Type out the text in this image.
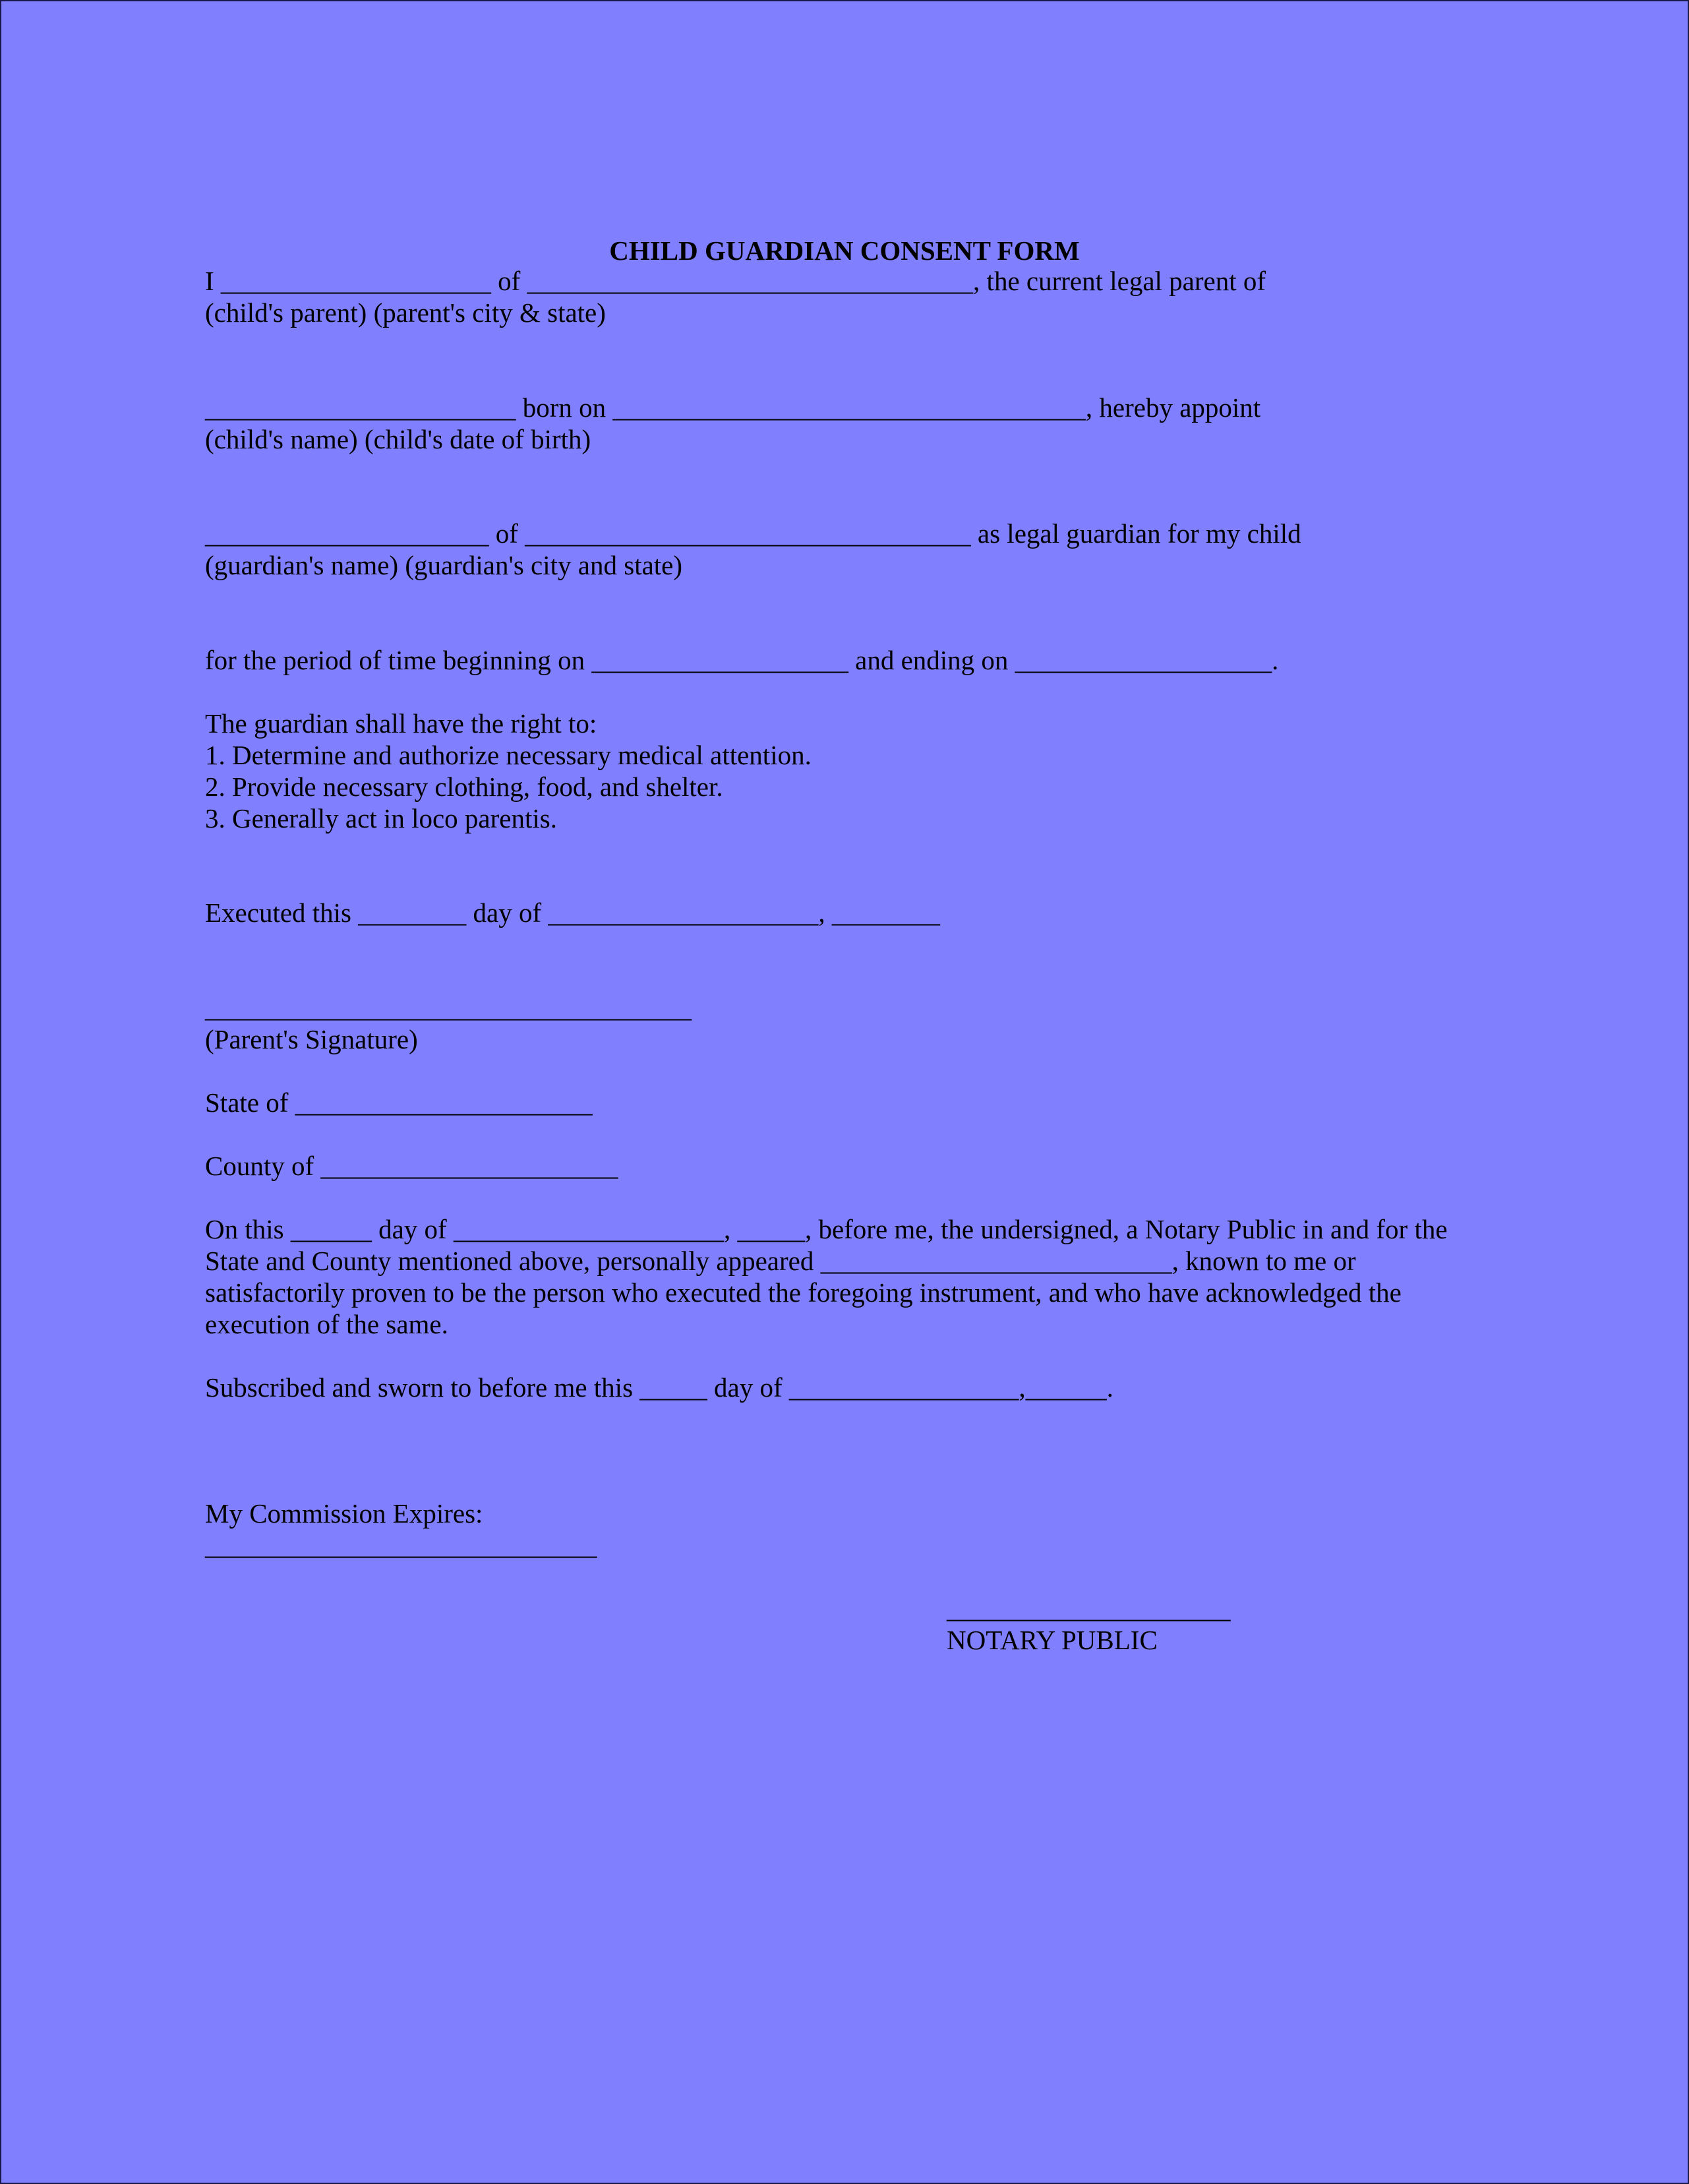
CHILD GUARDIAN CONSENT FORM
I ____________________ of _________________________________, the current legal parent of
(child's parent) (parent's city & state)
_______________________ born on ___________________________________, hereby appoint
(child's name) (child's date of birth)
_____________________ of _________________________________ as legal guardian for my child
(guardian's name) (guardian's city and state)
for the period of time beginning on ___________________ and ending on ___________________.
The guardian shall have the right to:
1. Determine and authorize necessary medical attention.
2. Provide necessary clothing, food, and shelter.
3. Generally act in loco parentis.
Executed this ________ day of ____________________, ________
____________________________________
(Parent's Signature)
State of ______________________
County of ______________________
On this ______ day of ____________________, _____, before me, the undersigned, a Notary Public in and for the
State and County mentioned above, personally appeared __________________________, known to me or
satisfactorily proven to be the person who executed the foregoing instrument, and who have acknowledged the
execution of the same.
Subscribed and sworn to before me this _____ day of _________________,______.
My Commission Expires:
_____________________________
_____________________
NOTARY PUBLIC
